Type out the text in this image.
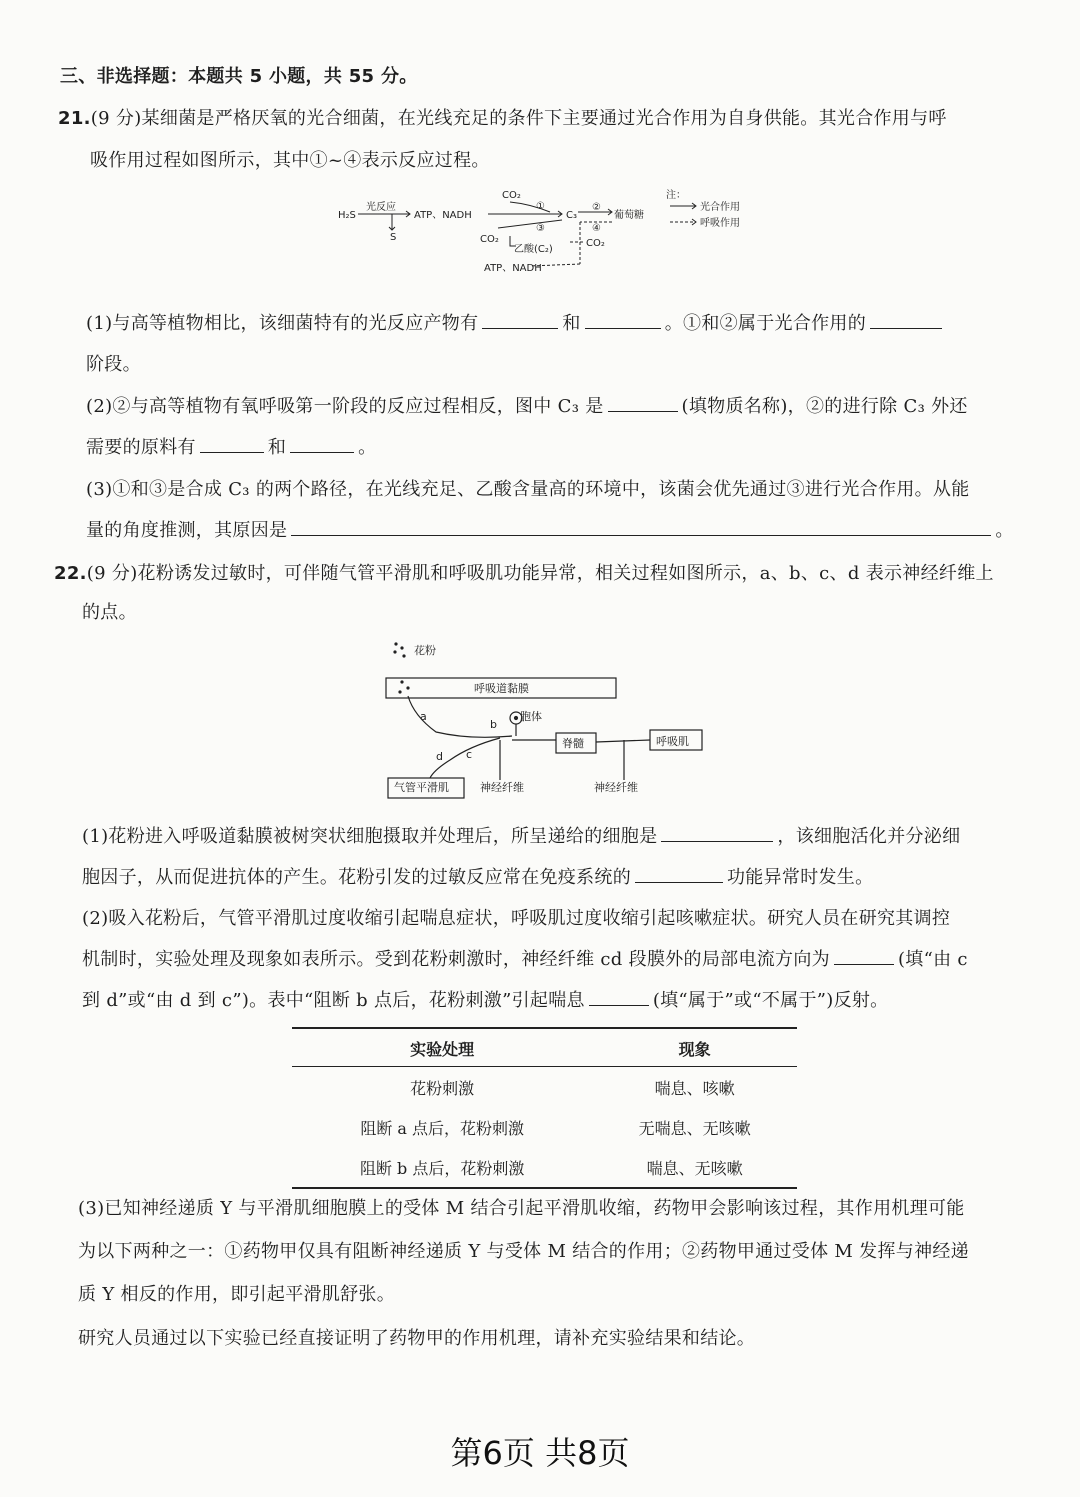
三、非选择题：本题共 5 小题，共 55 分。
21.(9 分)某细菌是严格厌氧的光合细菌，在光线充足的条件下主要通过光合作用为自身供能。其光合作用与呼
吸作用过程如图所示，其中①~④表示反应过程。
H₂S
S
光反应
ATP、NADH
CO₂
①
③
C₃
②
④
葡萄糖
CO₂
乙酸(C₂)
CO₂
ATP、NADH
注：
光合作用
呼吸作用
(1)与高等植物相比，该细菌特有的光反应产物有	和	。①和②属于光合作用的
阶段。
(2)②与高等植物有氧呼吸第一阶段的反应过程相反，图中 C₃ 是	(填物质名称)，②的进行除 C₃ 外还
需要的原料有	和	。
(3)①和③是合成 C₃ 的两个路径，在光线充足、乙酸含量高的环境中，该菌会优先通过③进行光合作用。从能
量的角度推测，其原因是	。
22.(9 分)花粉诱发过敏时，可伴随气管平滑肌和呼吸肌功能异常，相关过程如图所示，a、b、c、d 表示神经纤维上
的点。
花粉
呼吸道黏膜
a
b
c
d
胞体
脊髓	呼吸肌
气管平滑肌	神经纤维	神经纤维
(1)花粉进入呼吸道黏膜被树突状细胞摄取并处理后，所呈递给的细胞是	，该细胞活化并分泌细
胞因子，从而促进抗体的产生。花粉引发的过敏反应常在免疫系统的	功能异常时发生。
(2)吸入花粉后，气管平滑肌过度收缩引起喘息症状，呼吸肌过度收缩引起咳嗽症状。研究人员在研究其调控
机制时，实验处理及现象如表所示。受到花粉刺激时，神经纤维 cd 段膜外的局部电流方向为	(填“由 c
到 d”或“由 d 到 c”)。表中“阻断 b 点后，花粉刺激”引起喘息	(填“属于”或“不属于”)反射。
实验处理	现象
花粉刺激	喘息、咳嗽
阻断 a 点后，花粉刺激	无喘息、无咳嗽
阻断 b 点后，花粉刺激	喘息、无咳嗽
(3)已知神经递质 Y 与平滑肌细胞膜上的受体 M 结合引起平滑肌收缩，药物甲会影响该过程，其作用机理可能
为以下两种之一：①药物甲仅具有阻断神经递质 Y 与受体 M 结合的作用；②药物甲通过受体 M 发挥与神经递
质 Y 相反的作用，即引起平滑肌舒张。
研究人员通过以下实验已经直接证明了药物甲的作用机理，请补充实验结果和结论。
第6页 共8页
